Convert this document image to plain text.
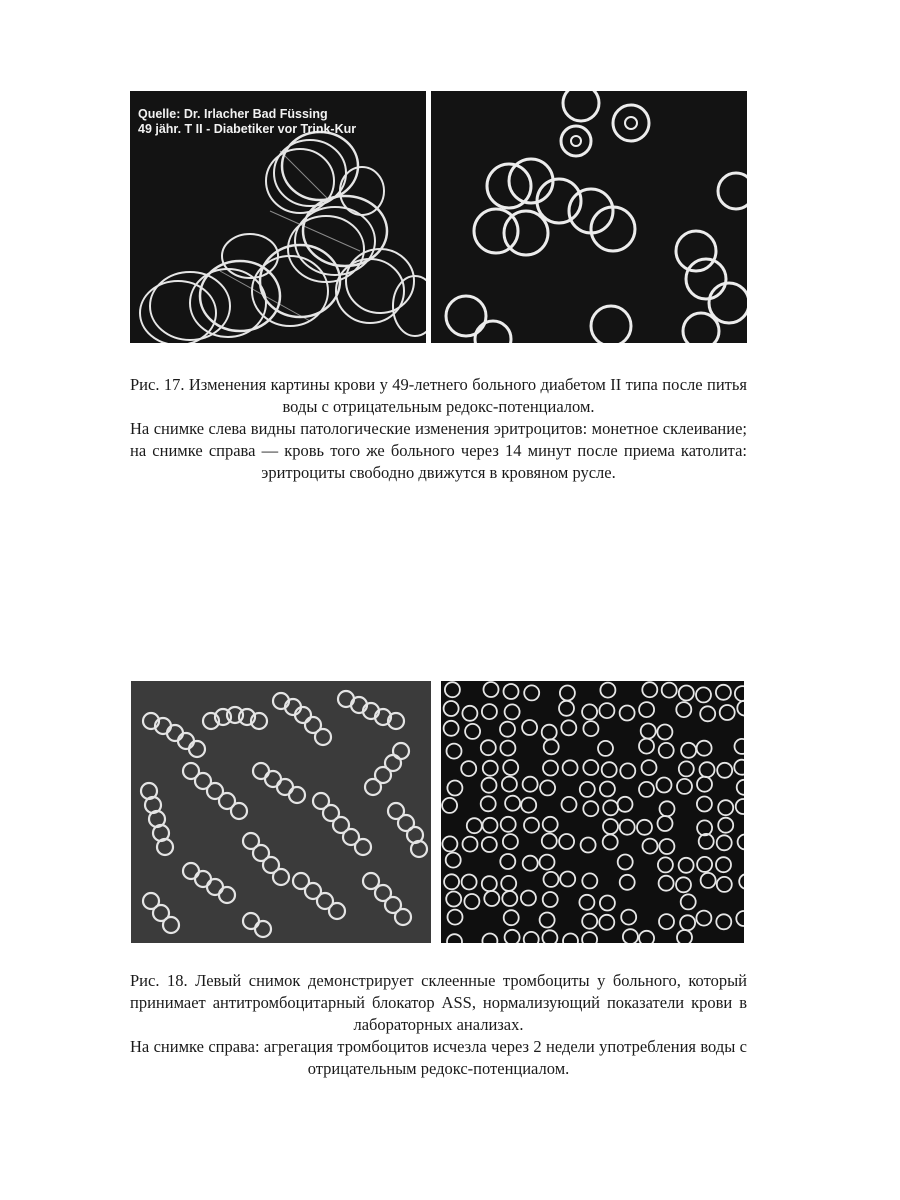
Quelle: Dr. Irlacher Bad Füssing
49 jähr. T II - Diabetiker vor Trink-Kur

Рис. 17. Изменения картины крови у 49-летнего больного диабетом II типа после питья воды с отрицательным редокс-потенциалом.

На снимке слева видны патологические изменения эритроцитов: монетное склеивание; на снимке справа — кровь того же больного через 14 минут после приема католита: эритроциты свободно движутся в кровяном русле.

Рис. 18. Левый снимок демонстрирует склеенные тромбоциты у больного, который принимает антитромбоцитарный блокатор ASS, нормализующий показатели крови в лабораторных анализах.

На снимке справа: агрегация тромбоцитов исчезла через 2 недели употребления воды с отрицательным редокс-потенциалом.
